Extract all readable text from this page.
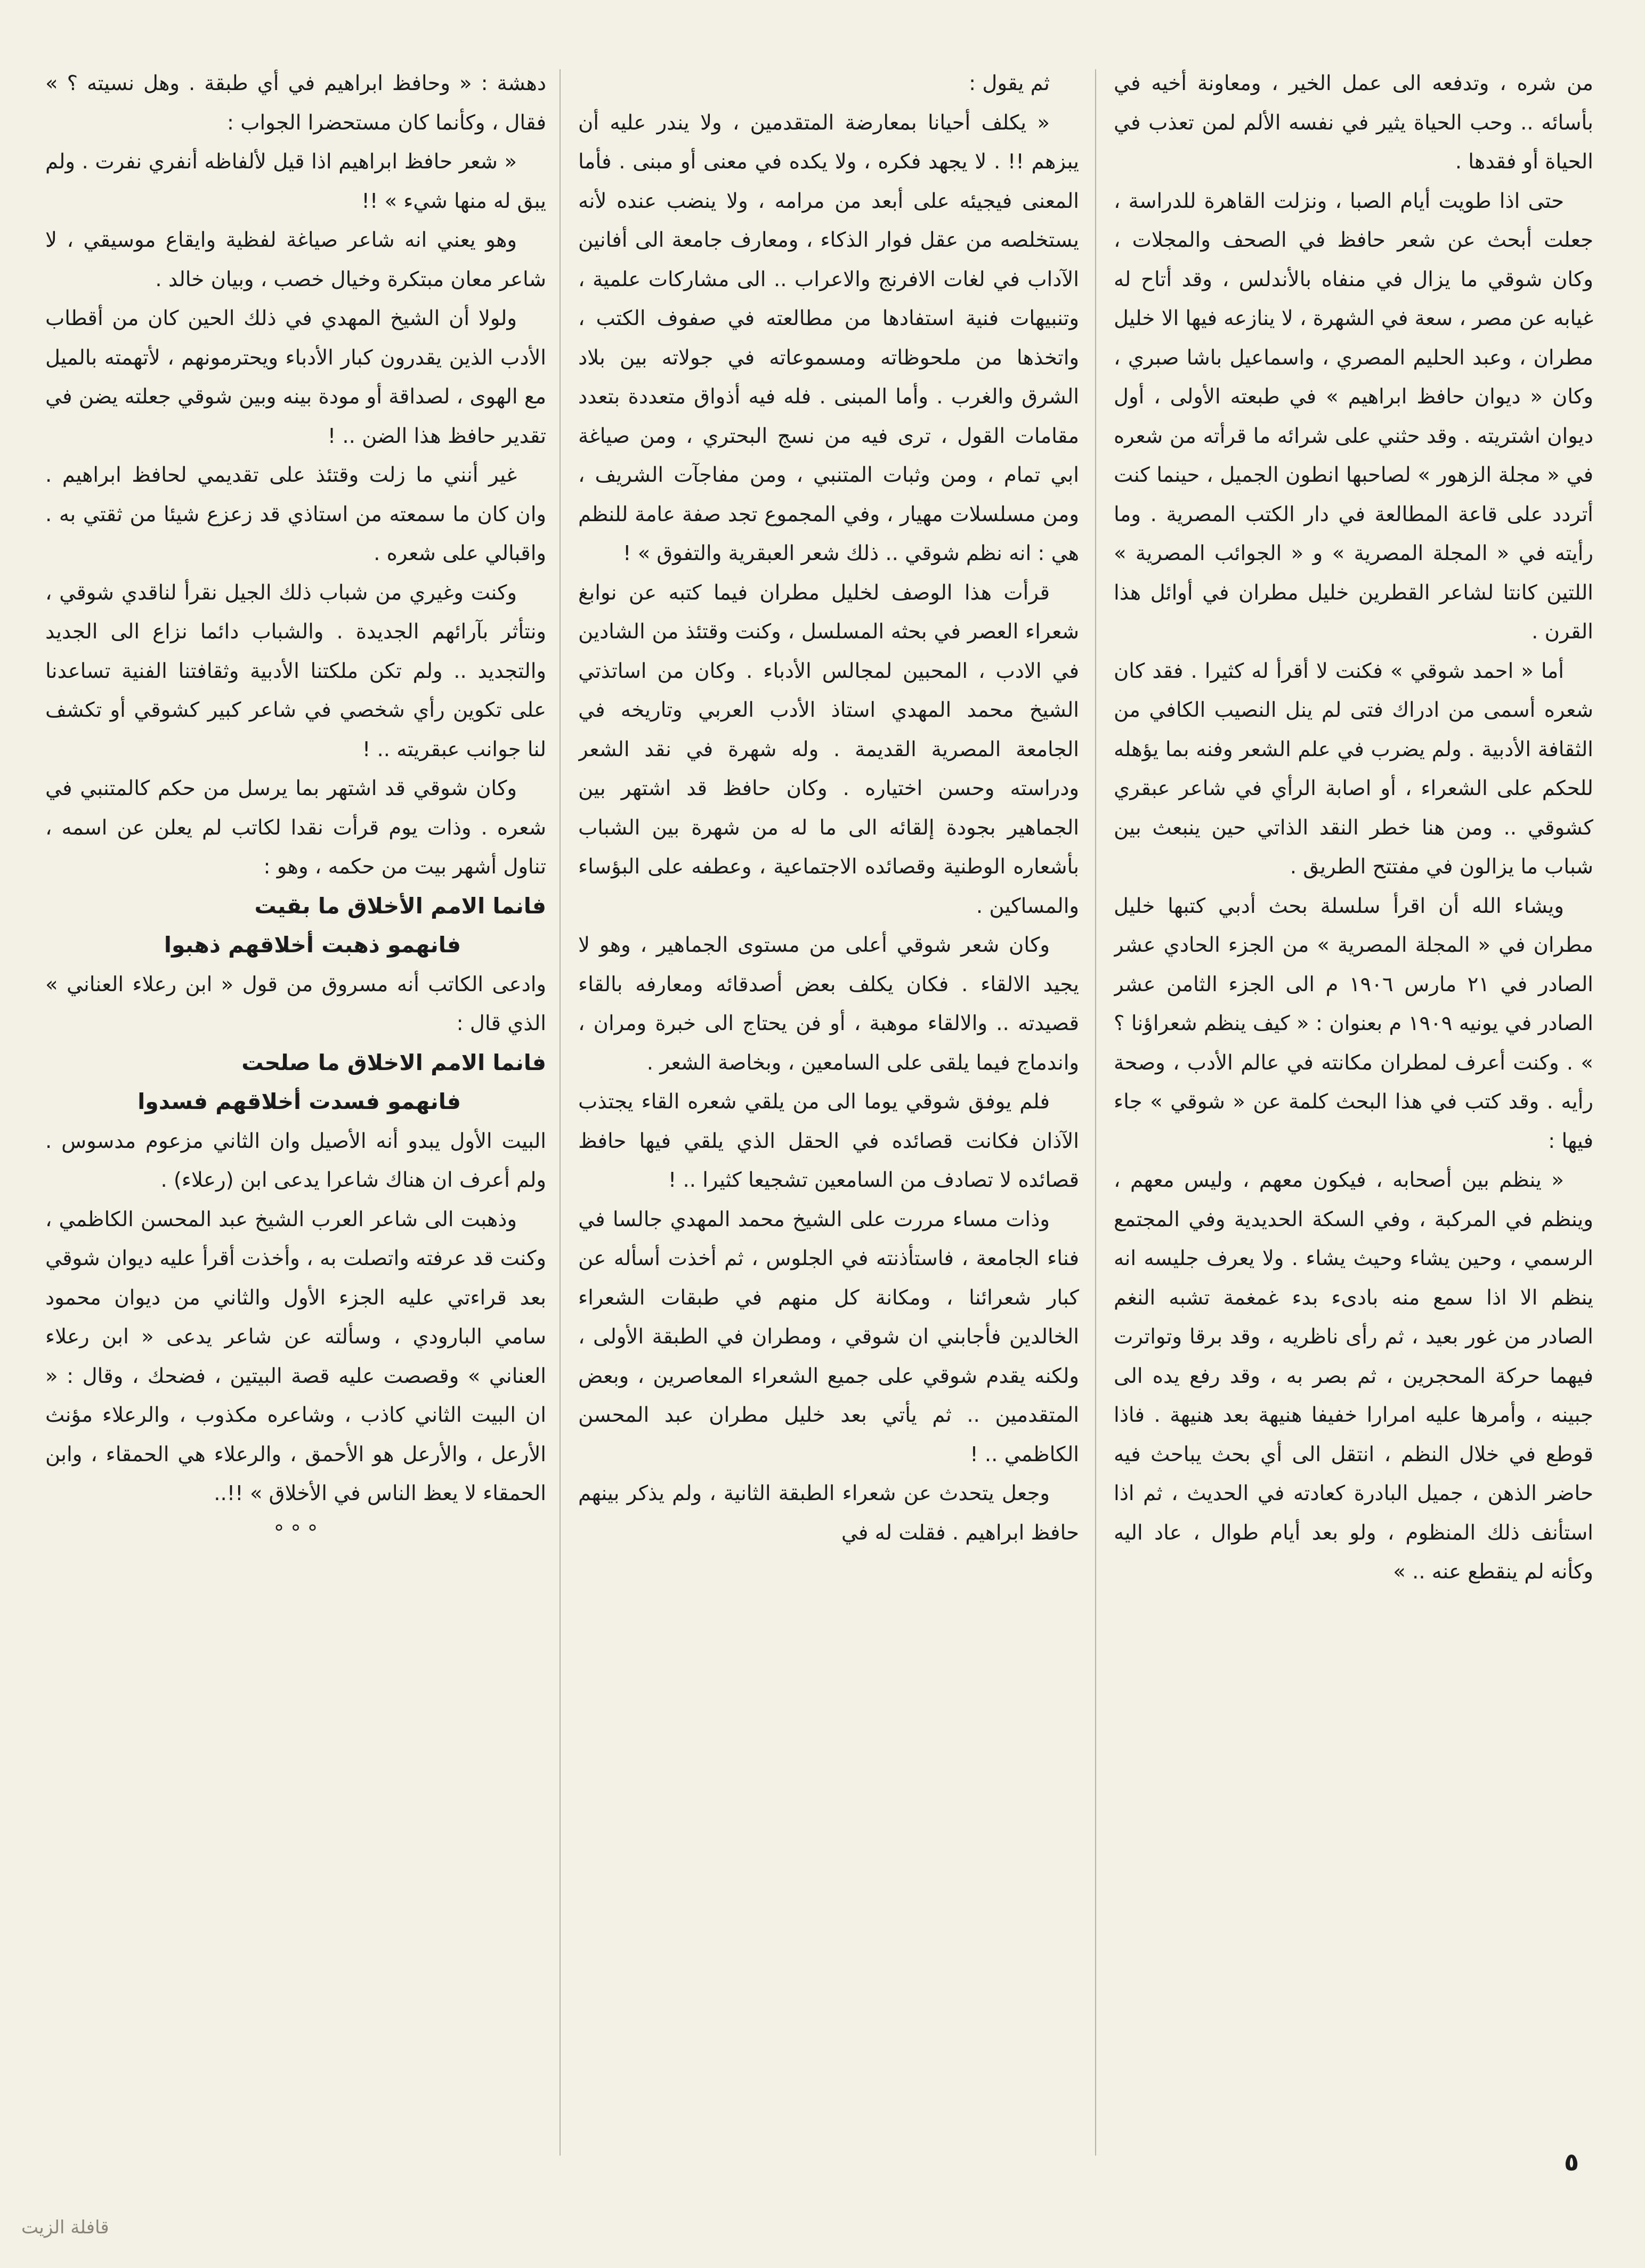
من شره ، وتدفعه الى عمل الخير ، ومعاونة أخيه في بأسائه .. وحب الحياة يثير في نفسه الألم لمن تعذب في الحياة أو فقدها .

حتى اذا طويت أيام الصبا ، ونزلت القاهرة للدراسة ، جعلت أبحث عن شعر حافظ في الصحف والمجلات ، وكان شوقي ما يزال في منفاه بالأندلس ، وقد أتاح له غيابه عن مصر ، سعة في الشهرة ، لا ينازعه فيها الا خليل مطران ، وعبد الحليم المصري ، واسماعيل باشا صبري ، وكان « ديوان حافظ ابراهيم » في طبعته الأولى ، أول ديوان اشتريته . وقد حثني على شرائه ما قرأته من شعره في « مجلة الزهور » لصاحبها انطون الجميل ، حينما كنت أتردد على قاعة المطالعة في دار الكتب المصرية . وما رأيته في « المجلة المصرية » و « الجوائب المصرية » اللتين كانتا لشاعر القطرين خليل مطران في أوائل هذا القرن .

أما « احمد شوقي » فكنت لا أقرأ له كثيرا . فقد كان شعره أسمى من ادراك فتى لم ينل النصيب الكافي من الثقافة الأدبية . ولم يضرب في علم الشعر وفنه بما يؤهله للحكم على الشعراء ، أو اصابة الرأي في شاعر عبقري كشوقي .. ومن هنا خطر النقد الذاتي حين ينبعث بين شباب ما يزالون في مفتتح الطريق .

ويشاء الله أن اقرأ سلسلة بحث أدبي كتبها خليل مطران في « المجلة المصرية » من الجزء الحادي عشر الصادر في ٢١ مارس ١٩٠٦ م الى الجزء الثامن عشر الصادر في يونيه ١٩٠٩ م بعنوان : « كيف ينظم شعراؤنا ؟ » . وكنت أعرف لمطران مكانته في عالم الأدب ، وصحة رأيه . وقد كتب في هذا البحث كلمة عن « شوقي » جاء فيها :

« ينظم بين أصحابه ، فيكون معهم ، وليس معهم ، وينظم في المركبة ، وفي السكة الحديدية وفي المجتمع الرسمي ، وحين يشاء وحيث يشاء . ولا يعرف جليسه انه ينظم الا اذا سمع منه بادىء بدء غمغمة تشبه النغم الصادر من غور بعيد ، ثم رأى ناظريه ، وقد برقا وتواترت فيهما حركة المحجرين ، ثم بصر به ، وقد رفع يده الى جبينه ، وأمرها عليه امرارا خفيفا هنيهة بعد هنيهة . فاذا قوطع في خلال النظم ، انتقل الى أي بحث يباحث فيه حاضر الذهن ، جميل البادرة كعادته في الحديث ، ثم اذا استأنف ذلك المنظوم ، ولو بعد أيام طوال ، عاد اليه وكأنه لم ينقطع عنه .. »

ثم يقول :

« يكلف أحيانا بمعارضة المتقدمين ، ولا يندر عليه أن يبزهم !! . لا يجهد فكره ، ولا يكده في معنى أو مبنى . فأما المعنى فيجيئه على أبعد من مرامه ، ولا ينضب عنده لأنه يستخلصه من عقل فوار الذكاء ، ومعارف جامعة الى أفانين الآداب في لغات الافرنج والاعراب .. الى مشاركات علمية ، وتنبيهات فنية استفادها من مطالعته في صفوف الكتب ، واتخذها من ملحوظاته ومسموعاته في جولاته بين بلاد الشرق والغرب . وأما المبنى . فله فيه أذواق متعددة بتعدد مقامات القول ، ترى فيه من نسج البحتري ، ومن صياغة ابي تمام ، ومن وثبات المتنبي ، ومن مفاجآت الشريف ، ومن مسلسلات مهيار ، وفي المجموع تجد صفة عامة للنظم هي : انه نظم شوقي .. ذلك شعر العبقرية والتفوق » !

قرأت هذا الوصف لخليل مطران فيما كتبه عن نوابغ شعراء العصر في بحثه المسلسل ، وكنت وقتئذ من الشادين في الادب ، المحبين لمجالس الأدباء . وكان من اساتذتي الشيخ محمد المهدي استاذ الأدب العربي وتاريخه في الجامعة المصرية القديمة . وله شهرة في نقد الشعر ودراسته وحسن اختياره . وكان حافظ قد اشتهر بين الجماهير بجودة إلقائه الى ما له من شهرة بين الشباب بأشعاره الوطنية وقصائده الاجتماعية ، وعطفه على البؤساء والمساكين .

وكان شعر شوقي أعلى من مستوى الجماهير ، وهو لا يجيد الالقاء . فكان يكلف بعض أصدقائه ومعارفه بالقاء قصيدته .. والالقاء موهبة ، أو فن يحتاج الى خبرة ومران ، واندماج فيما يلقى على السامعين ، وبخاصة الشعر .

فلم يوفق شوقي يوما الى من يلقي شعره القاء يجتذب الآذان فكانت قصائده في الحقل الذي يلقي فيها حافظ قصائده لا تصادف من السامعين تشجيعا كثيرا .. !

وذات مساء مررت على الشيخ محمد المهدي جالسا في فناء الجامعة ، فاستأذنته في الجلوس ، ثم أخذت أسأله عن كبار شعرائنا ، ومكانة كل منهم في طبقات الشعراء الخالدين فأجابني ان شوقي ، ومطران في الطبقة الأولى ، ولكنه يقدم شوقي على جميع الشعراء المعاصرين ، وبعض المتقدمين .. ثم يأتي بعد خليل مطران عبد المحسن الكاظمي .. !

وجعل يتحدث عن شعراء الطبقة الثانية ، ولم يذكر بينهم حافظ ابراهيم . فقلت له في

دهشة : « وحافظ ابراهيم في أي طبقة . وهل نسيته ؟ » فقال ، وكأنما كان مستحضرا الجواب :

« شعر حافظ ابراهيم اذا قيل لألفاظه أنفري نفرت . ولم يبق له منها شيء » !!

وهو يعني انه شاعر صياغة لفظية وايقاع موسيقي ، لا شاعر معان مبتكرة وخيال خصب ، وبيان خالد .

ولولا أن الشيخ المهدي في ذلك الحين كان من أقطاب الأدب الذين يقدرون كبار الأدباء ويحترمونهم ، لأتهمته بالميل مع الهوى ، لصداقة أو مودة بينه وبين شوقي جعلته يضن في تقدير حافظ هذا الضن .. !

غير أنني ما زلت وقتئذ على تقديمي لحافظ ابراهيم . وان كان ما سمعته من استاذي قد زعزع شيئا من ثقتي به . واقبالي على شعره .

وكنت وغيري من شباب ذلك الجيل نقرأ لناقدي شوقي ، ونتأثر بآرائهم الجديدة . والشباب دائما نزاع الى الجديد والتجديد .. ولم تكن ملكتنا الأدبية وثقافتنا الفنية تساعدنا على تكوين رأي شخصي في شاعر كبير كشوقي أو تكشف لنا جوانب عبقريته .. !

وكان شوقي قد اشتهر بما يرسل من حكم كالمتنبي في شعره . وذات يوم قرأت نقدا لكاتب لم يعلن عن اسمه ، تناول أشهر بيت من حكمه ، وهو :

فانما الامم الأخلاق ما بقيت

فانهمو ذهبت أخلاقهم ذهبوا

وادعى الكاتب أنه مسروق من قول « ابن رعلاء العناني » الذي قال :

فانما الامم الاخلاق ما صلحت

فانهمو فسدت أخلاقهم فسدوا

البيت الأول يبدو أنه الأصيل وان الثاني مزعوم مدسوس . ولم أعرف ان هناك شاعرا يدعى ابن (رعلاء) .

وذهبت الى شاعر العرب الشيخ عبد المحسن الكاظمي ، وكنت قد عرفته واتصلت به ، وأخذت أقرأ عليه ديوان شوقي بعد قراءتي عليه الجزء الأول والثاني من ديوان محمود سامي البارودي ، وسألته عن شاعر يدعى « ابن رعلاء العناني » وقصصت عليه قصة البيتين ، فضحك ، وقال : « ان البيت الثاني كاذب ، وشاعره مكذوب ، والرعلاء مؤنث الأرعل ، والأرعل هو الأحمق ، والرعلاء هي الحمقاء ، وابن الحمقاء لا يعظ الناس في الأخلاق » !!..

° ° °

٥
قافلة الزيت
